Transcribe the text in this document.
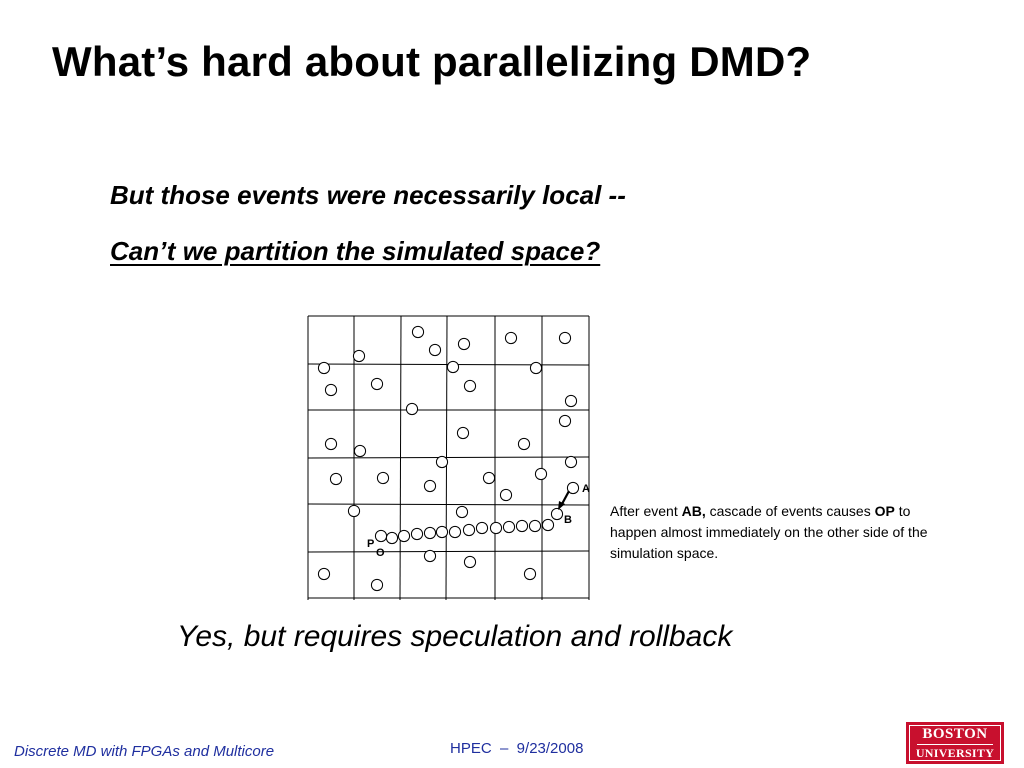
What’s hard about parallelizing DMD?

But those events were necessarily local --

Can’t we partition the simulated space?

A
B
P
O
After event AB, cascade of events causes OP to happen almost immediately on the other side of the simulation space.

Yes, but requires speculation and rollback

Discrete MD with FPGAs and Multicore	HPEC  –  9/23/2008
BOSTON
UNIVERSITY
